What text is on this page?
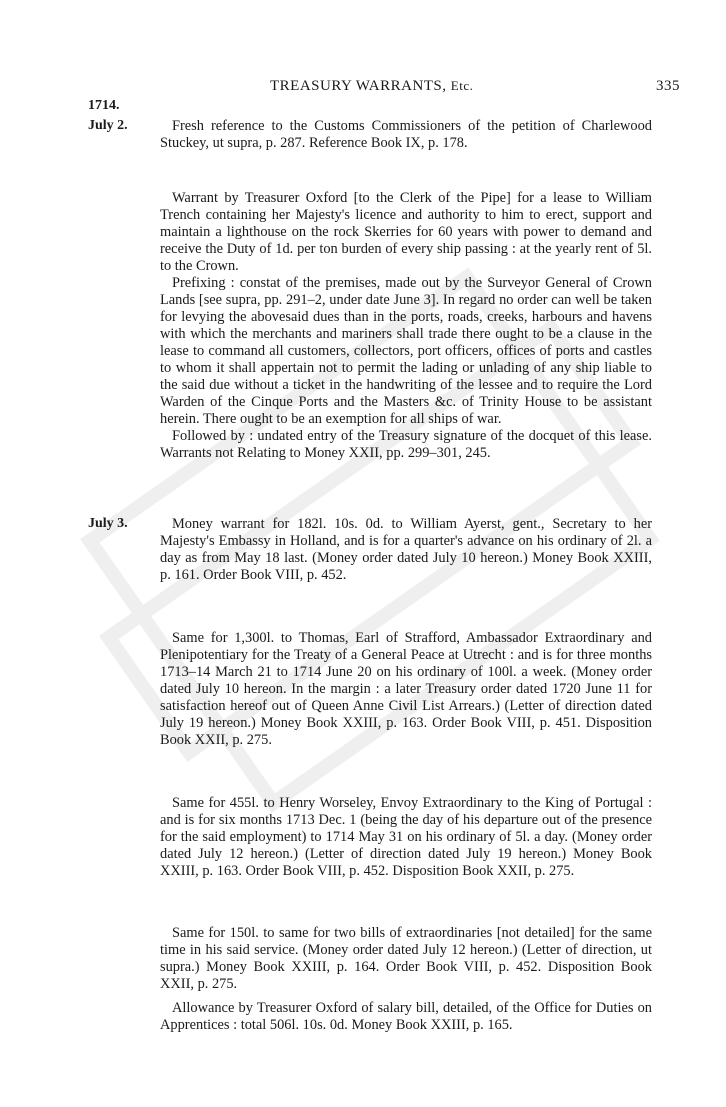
TREASURY WARRANTS, Etc.	335
1714.
July 2.	Fresh reference to the Customs Commissioners of the petition of Charlewood Stuckey, ut supra, p. 287. Reference Book IX, p. 178.

Warrant by Treasurer Oxford [to the Clerk of the Pipe] for a lease to William Trench containing her Majesty's licence and authority to him to erect, support and maintain a lighthouse on the rock Skerries for 60 years with power to demand and receive the Duty of 1d. per ton burden of every ship passing : at the yearly rent of 5l. to the Crown.

Prefixing : constat of the premises, made out by the Surveyor General of Crown Lands [see supra, pp. 291–2, under date June 3]. In regard no order can well be taken for levying the abovesaid dues than in the ports, roads, creeks, harbours and havens with which the merchants and mariners shall trade there ought to be a clause in the lease to command all customers, collectors, port officers, offices of ports and castles to whom it shall appertain not to permit the lading or unlading of any ship liable to the said due without a ticket in the handwriting of the lessee and to require the Lord Warden of the Cinque Ports and the Masters &c. of Trinity House to be assistant herein. There ought to be an exemption for all ships of war.

Followed by : undated entry of the Treasury signature of the docquet of this lease. Warrants not Relating to Money XXII, pp. 299–301, 245.

July 3.	Money warrant for 182l. 10s. 0d. to William Ayerst, gent., Secretary to her Majesty's Embassy in Holland, and is for a quarter's advance on his ordinary of 2l. a day as from May 18 last. (Money order dated July 10 hereon.) Money Book XXIII, p. 161. Order Book VIII, p. 452.

Same for 1,300l. to Thomas, Earl of Strafford, Ambassador Extraordinary and Plenipotentiary for the Treaty of a General Peace at Utrecht : and is for three months 1713–14 March 21 to 1714 June 20 on his ordinary of 100l. a week. (Money order dated July 10 hereon. In the margin : a later Treasury order dated 1720 June 11 for satisfaction hereof out of Queen Anne Civil List Arrears.) (Letter of direction dated July 19 hereon.) Money Book XXIII, p. 163. Order Book VIII, p. 451. Disposition Book XXII, p. 275.

Same for 455l. to Henry Worseley, Envoy Extraordinary to the King of Portugal : and is for six months 1713 Dec. 1 (being the day of his departure out of the presence for the said employment) to 1714 May 31 on his ordinary of 5l. a day. (Money order dated July 12 hereon.) (Letter of direction dated July 19 hereon.) Money Book XXIII, p. 163. Order Book VIII, p. 452. Disposition Book XXII, p. 275.

Same for 150l. to same for two bills of extraordinaries [not detailed] for the same time in his said service. (Money order dated July 12 hereon.) (Letter of direction, ut supra.) Money Book XXIII, p. 164. Order Book VIII, p. 452. Disposition Book XXII, p. 275.

Allowance by Treasurer Oxford of salary bill, detailed, of the Office for Duties on Apprentices : total 506l. 10s. 0d. Money Book XXIII, p. 165.
